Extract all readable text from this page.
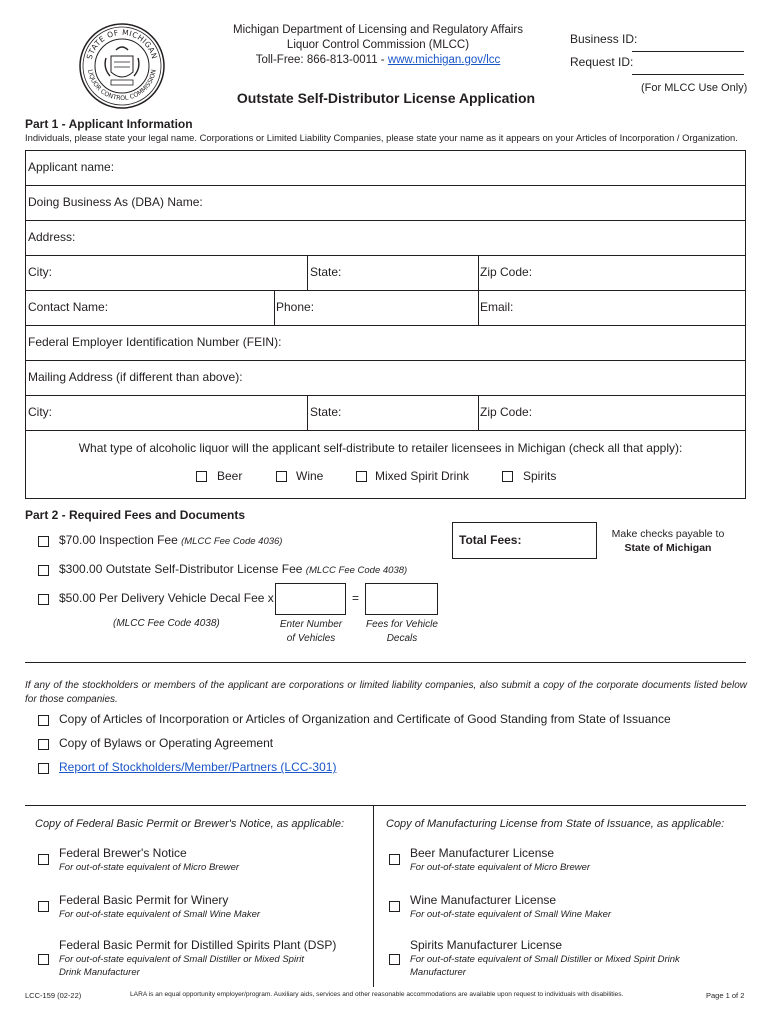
STATE OF MICHIGAN
LIQUOR CONTROL COMMISSION
Michigan Department of Licensing and Regulatory Affairs
Liquor Control Commission (MLCC)
Toll-Free: 866-813-0011 - www.michigan.gov/lcc
Outstate Self-Distributor License Application
Business ID:
Request ID:
(For MLCC Use Only)
Part 1 - Applicant Information
Individuals, please state your legal name. Corporations or Limited Liability Companies, please state your name as it appears on your Articles of Incorporation / Organization.
Applicant name:
Doing Business As (DBA) Name:
Address:
City:	State:	Zip Code:
Contact Name:	Phone:	Email:
Federal Employer Identification Number (FEIN):
Mailing Address (if different than above):
City:	State:	Zip Code:
What type of alcoholic liquor will the applicant self-distribute to retailer licensees in Michigan (check all that apply):
Beer	Wine	Mixed Spirit Drink	Spirits
Part 2 - Required Fees and Documents
$70.00 Inspection Fee (MLCC Fee Code 4036)
$300.00 Outstate Self-Distributor License Fee (MLCC Fee Code 4038)
$50.00 Per Delivery Vehicle Decal Fee x	=
(MLCC Fee Code 4038)	Enter Number
of Vehicles
Fees for Vehicle
Decals
Total Fees:	Make checks payable to
State of Michigan
If any of the stockholders or members of the applicant are corporations or limited liability companies, also submit a copy of the corporate documents listed below for those companies.
Copy of Articles of Incorporation or Articles of Organization and Certificate of Good Standing from State of Issuance
Copy of Bylaws or Operating Agreement
Report of Stockholders/Member/Partners (LCC-301)
Copy of Federal Basic Permit or Brewer's Notice, as applicable:	Copy of Manufacturing License from State of Issuance, as applicable:
Federal Brewer's Notice
For out-of-state equivalent of Micro Brewer
Federal Basic Permit for Winery
For out-of-state equivalent of Small Wine Maker
Federal Basic Permit for Distilled Spirits Plant (DSP)
For out-of-state equivalent of Small Distiller or Mixed Spirit
Drink Manufacturer
Beer Manufacturer License
For out-of-state equivalent of Micro Brewer
Wine Manufacturer License
For out-of-state equivalent of Small Wine Maker
Spirits Manufacturer License
For out-of-state equivalent of Small Distiller or Mixed Spirit Drink
Manufacturer
LCC-159 (02-22)	LARA is an equal opportunity employer/program. Auxiliary aids, services and other reasonable accommodations are available upon request to individuals with disabilities.	Page 1 of 2
